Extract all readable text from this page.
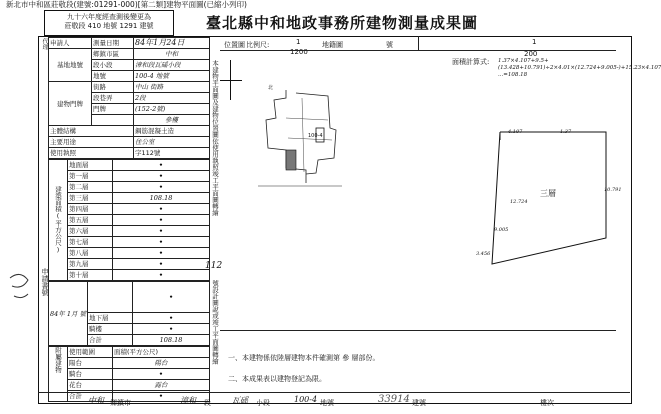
新北市中和區莊敬段(建號:01291-000)[第二類]建物平面圖(已縮小列印)
九十六年度經查測後變更為
莊敬段 410 地號 1291 建號	臺北縣中和地政事務所建物測量成果圖
代理
申請書號
申請人	測量日期	84年1月24日
基地地號	鄉鎮市區	中和
	段小段	漳和段瓦磘小段
	地號	100-4 地號
建物門牌	街路	中山 街路
	段巷弄	2段
	門牌	(152-2號)
		參樓
主體結構		鋼筋混凝土造
主要用途		住公室
使用執照		字112號
建築面積(平方公尺)	地面層	•
	第一層	•
	第二層	•
	第三層	108.18
	第四層	•
	第五層	•
	第六層	•
	第七層	•
	第八層	•
	第九層	•
	第十層	•
84年 1月 號		•
	地下層	•
	騎樓	•
	合計	108.18
附屬建物	使用範圍	面積(平方公尺)
	陽台	陽台
	騎台	•
	花台	露台
	合計	•
112
本建物平面圖及建物位置圖依使用執照竣工平面圖轉繪
號設計圖說或竣工平面圖轉繪
位置圖 比例尺:	1
1200
地籍圖	號	1
200
面積計算式: 1.37×4.107+9.5+(13.428+10.791)÷2×4.01×(12.724+9.005-)+15.23×4.107 ...=108.18
北
100-4
三層
1.37
4.107
10.791
12.724
9.005
3.456
一、本建物係依陸層建物本件確測第 參 層部份。
二、本成果表以建物登記為限。
中和 鄉鎮市	漳和 段	瓦磘 小段	100-4 地號	33914 建號	樓次
